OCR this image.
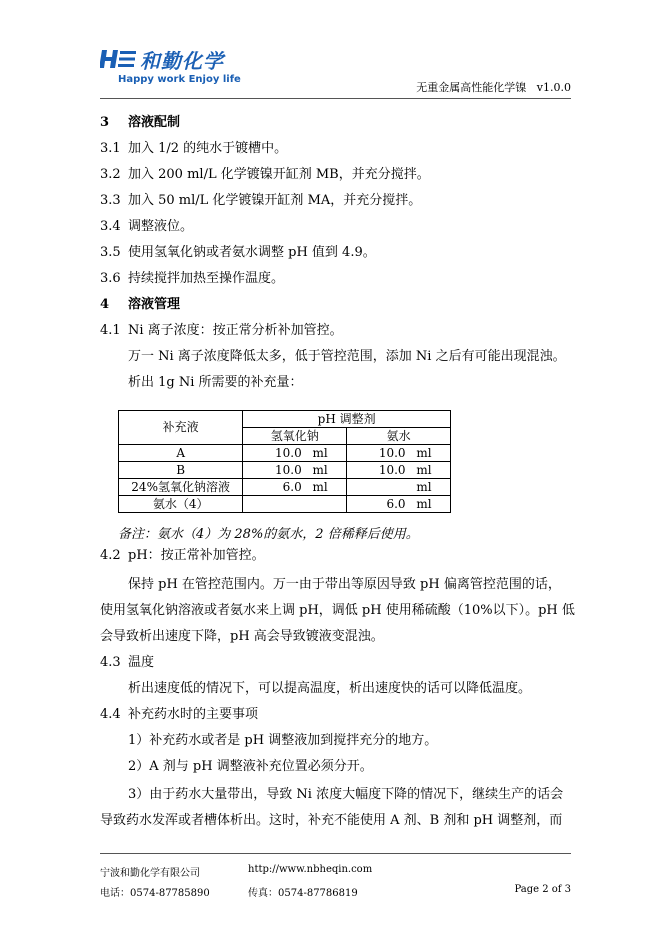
和勤化学
Happy work Enjoy life
无重金属高性能化学镍 v1.0.0
3 溶液配制
3.1 加入 1/2 的纯水于镀槽中。
3.2 加入 200 ml/L 化学镀镍开缸剂 MB，并充分搅拌。
3.3 加入 50 ml/L 化学镀镍开缸剂 MA，并充分搅拌。
3.4 调整液位。
3.5 使用氢氧化钠或者氨水调整 pH 值到 4.9。
3.6 持续搅拌加热至操作温度。
4 溶液管理
4.1 Ni 离子浓度：按正常分析补加管控。
万一 Ni 离子浓度降低太多，低于管控范围，添加 Ni 之后有可能出现混浊。
析出 1g Ni 所需要的补充量：
补充液	pH 调整剂	
	氢氧化钠	氨水
A	10.0 ml	10.0 ml
B	10.0 ml	10.0 ml
24%氢氧化钠溶液	6.0 ml	ml
氨水（4）		6.0 ml
备注：氨水（4）为 28%的氨水，2 倍稀释后使用。
4.2 pH：按正常补加管控。
保持 pH 在管控范围内。万一由于带出等原因导致 pH 偏离管控范围的话，
使用氢氧化钠溶液或者氨水来上调 pH，调低 pH 使用稀硫酸（10%以下）。pH 低
会导致析出速度下降，pH 高会导致镀液变混浊。
4.3 温度
析出速度低的情况下，可以提高温度，析出速度快的话可以降低温度。
4.4 补充药水时的主要事项
1）补充药水或者是 pH 调整液加到搅拌充分的地方。
2）A 剂与 pH 调整液补充位置必须分开。
3）由于药水大量带出，导致 Ni 浓度大幅度下降的情况下，继续生产的话会
导致药水发浑或者槽体析出。这时，补充不能使用 A 剂、B 剂和 pH 调整剂，而
宁波和勤化学有限公司	http://www.nbheqin.com
电话：0574-87785890	传真：0574-87786819	Page 2 of 3
